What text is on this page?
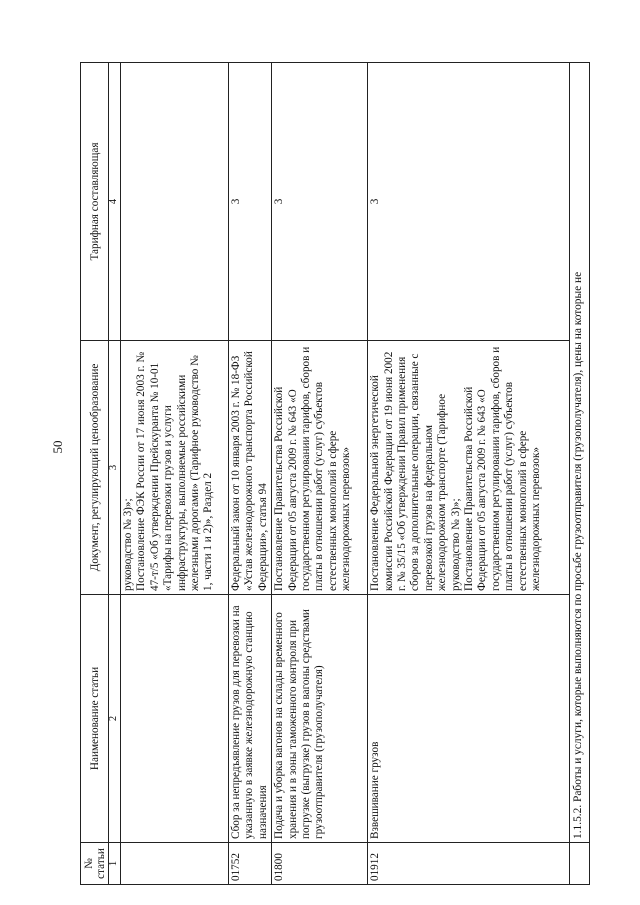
50
№ статьи	Наименование статьи	Документ, регулирующий ценообразование	Тарифная составляющая
1	2	3	4

		руководство № 3)»; Постановление ФЭК России от 17 июня 2003 г. № 47-т/5 «Об утверждении Прейскуранта № 10-01 «Тарифы на перевозки грузов и услуги инфраструктуры, выполняемые российскими железными дорогами» (Тарифное руководство № 1, части 1 и 2)», Раздел 2	

01752	Сбор за непредъявление грузов для перевозки на указанную в заявке железнодорожную станцию назначения	Федеральный закон от 10 января 2003 г. № 18-ФЗ «Устав железнодорожного транспорта Российской Федерации», статья 94	3
01800	Подача и уборка вагонов на склады временного хранения и в зоны таможенного контроля при погрузке (выгрузке) грузов в вагоны средствами грузоотправителя (грузополучателя)	Постановление Правительства Российской Федерации от 05 августа 2009 г. № 643 «О государственном регулировании тарифов, сборов и платы в отношении работ (услуг) субъектов естественных монополий в сфере железнодорожных перевозок»	3
01912	Взвешивание грузов	Постановление Федеральной энергетической комиссии Российской Федерации от 19 июня 2002 г. № 35/15 «Об утверждении Правил применения сборов за дополнительные операции, связанные с перевозкой грузов на федеральном железнодорожном транспорте (Тарифное руководство № 3)»; Постановление Правительства Российской Федерации от 05 августа 2009 г. № 643 «О государственном регулировании тарифов, сборов и платы в отношении работ (услуг) субъектов естественных монополий в сфере железнодорожных перевозок»	3
	1.1.5.2. Работы и услуги, которые выполняются по просьбе грузоотправителя (грузополучателя), цены на которые не		
